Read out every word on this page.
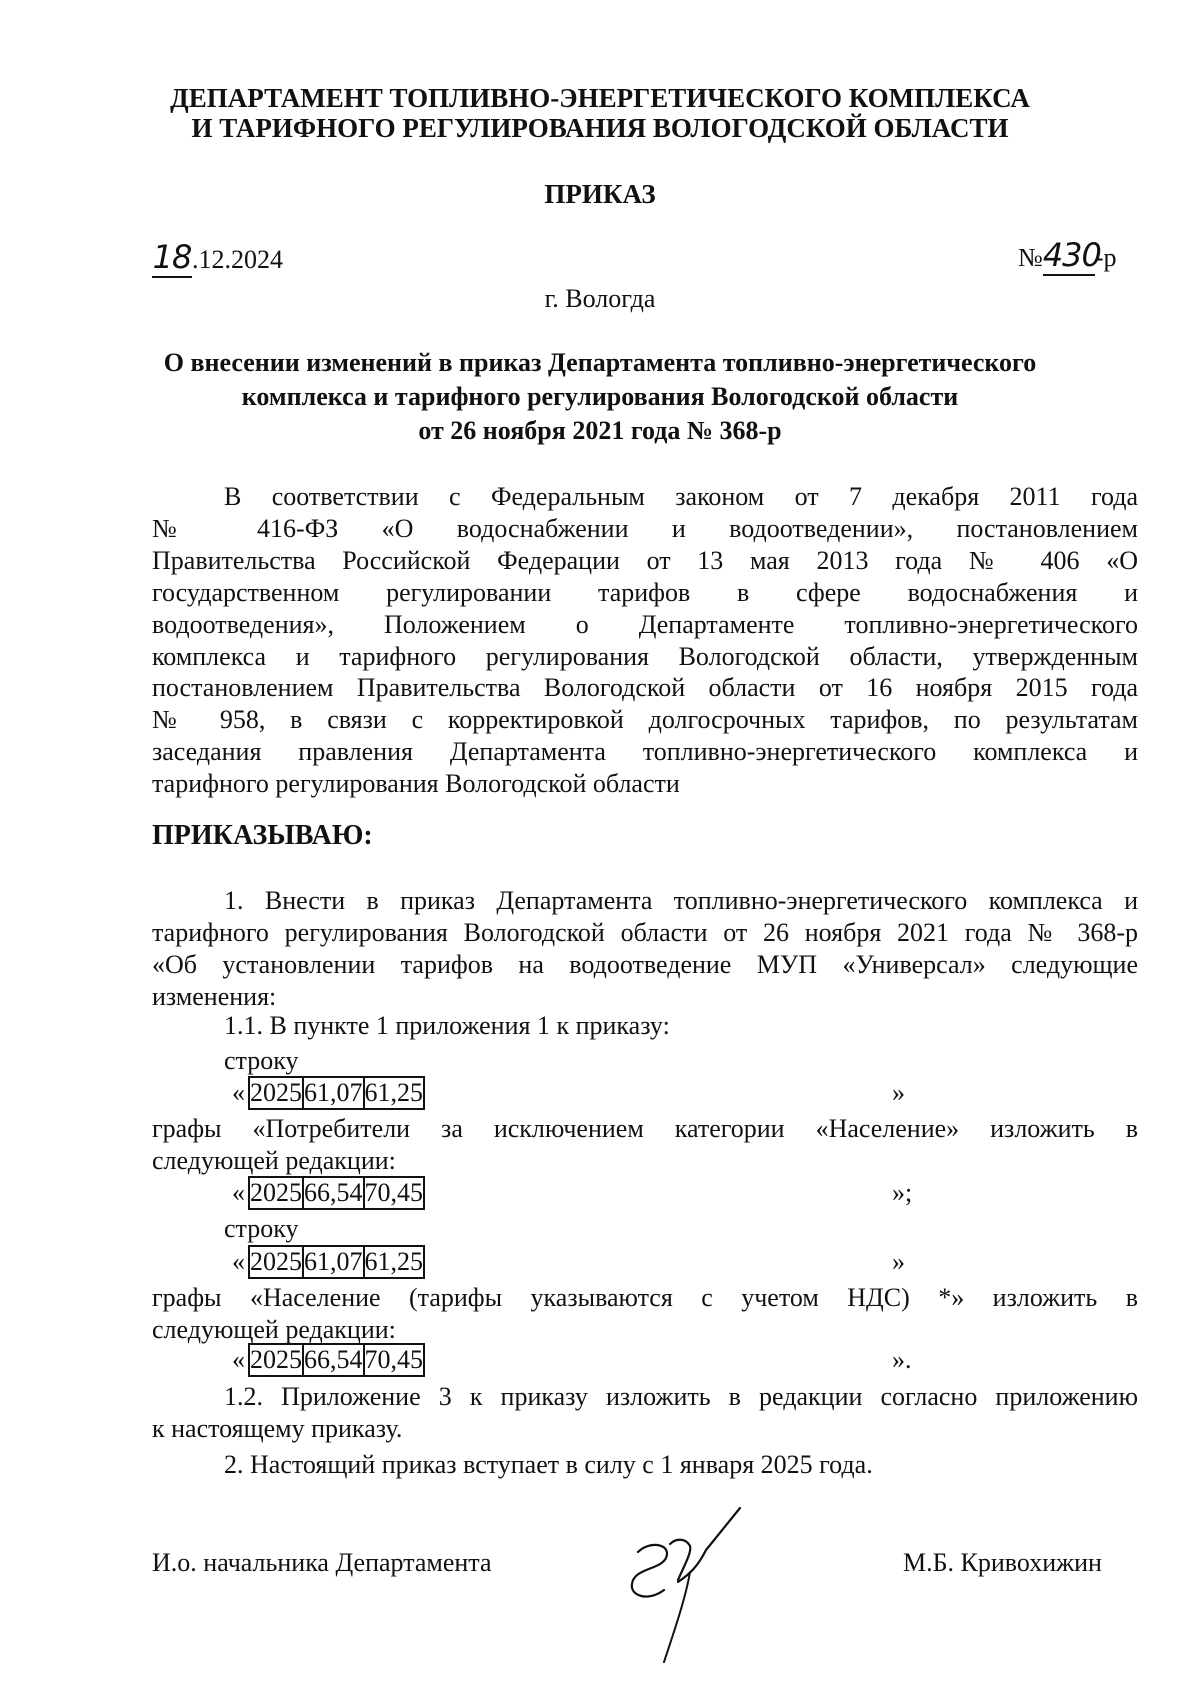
ДЕПАРТАМЕНТ ТОПЛИВНО-ЭНЕРГЕТИЧЕСКОГО КОМПЛЕКСА
И ТАРИФНОГО РЕГУЛИРОВАНИЯ ВОЛОГОДСКОЙ ОБЛАСТИ
ПРИКАЗ
18.12.2024	№430-р
г. Вологда
О внесении изменений в приказ Департамента топливно-энергетического
комплекса и тарифного регулирования Вологодской области
от 26 ноября 2021 года № 368-р

В соответствии с Федеральным законом от 7 декабря 2011 года
№ 416-ФЗ «О водоснабжении и водоотведении», постановлением
Правительства Российской Федерации от 13 мая 2013 года № 406 «О
государственном регулировании тарифов в сфере водоснабжения и
водоотведения», Положением о Департаменте топливно-энергетического
комплекса и тарифного регулирования Вологодской области, утвержденным
постановлением Правительства Вологодской области от 16 ноября 2015 года
№ 958, в связи с корректировкой долгосрочных тарифов, по результатам
заседания правления Департамента топливно-энергетического комплекса и

тарифного регулирования Вологодской области
ПРИКАЗЫВАЮ:

1. Внести в приказ Департамента топливно-энергетического комплекса и
тарифного регулирования Вологодской области от 26 ноября 2021 года № 368-р
«Об установлении тарифов на водоотведение МУП «Универсал» следующие

изменения:
1.1. В пункте 1 приложения 1 к приказу:
строку
« 2025	61,07	61,25	»
графы «Потребители за исключением категории «Население» изложить в
следующей редакции:
« 2025	66,54	70,45	»;
строку
« 2025	61,07	61,25	»
графы «Население (тарифы указываются с учетом НДС) *» изложить в
следующей редакции:
« 2025	66,54	70,45	».

1.2. Приложение 3 к приказу изложить в редакции согласно приложению

к настоящему приказу.
2. Настоящий приказ вступает в силу с 1 января 2025 года.
И.о. начальника Департамента	М.Б. Кривохижин
